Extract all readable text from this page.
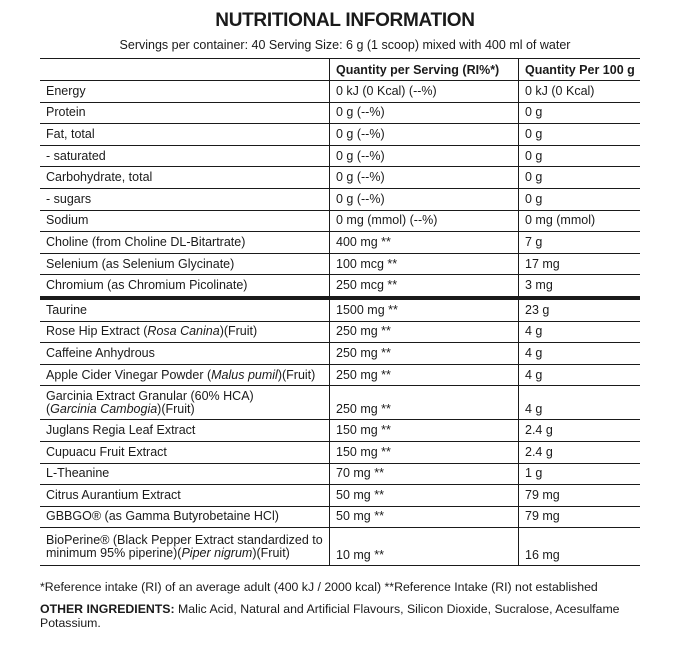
NUTRITIONAL INFORMATION
Servings per container: 40 Serving Size: 6 g (1 scoop) mixed with 400 ml of water
	Quantity per Serving (RI%*)	Quantity Per 100 g
Energy	0 kJ (0 Kcal) (--%)	0 kJ (0 Kcal)
Protein	0 g (--%)	0 g
Fat, total	0 g (--%)	0 g
- saturated	0 g (--%)	0 g
Carbohydrate, total	0 g (--%)	0 g
- sugars	0 g (--%)	0 g
Sodium	0 mg (mmol) (--%)	0 mg (mmol)
Choline (from Choline DL-Bitartrate)	400 mg **	7 g
Selenium (as Selenium Glycinate)	100 mcg **	17 mg
Chromium (as Chromium Picolinate)	250 mcg **	3 mg
Taurine	1500 mg **	23 g
Rose Hip Extract (Rosa Canina)(Fruit)	250 mg **	4 g
Caffeine Anhydrous	250 mg **	4 g
Apple Cider Vinegar Powder (Malus pumil)(Fruit)	250 mg **	4 g
Garcinia Extract Granular (60% HCA)
(Garcinia Cambogia)(Fruit)	250 mg **	4 g
Juglans Regia Leaf Extract	150 mg **	2.4 g
Cupuacu Fruit Extract	150 mg **	2.4 g
L-Theanine	70 mg **	1 g
Citrus Aurantium Extract	50 mg **	79 mg
GBBGO® (as Gamma Butyrobetaine HCl)	50 mg **	79 mg
BioPerine® (Black Pepper Extract standardized to
minimum 95% piperine)(Piper nigrum)(Fruit)	10 mg **	16 mg
*Reference intake (RI) of an average adult (400 kJ / 2000 kcal) **Reference Intake (RI) not established
OTHER INGREDIENTS: Malic Acid, Natural and Artificial Flavours, Silicon Dioxide, Sucralose, Acesulfame Potassium.
